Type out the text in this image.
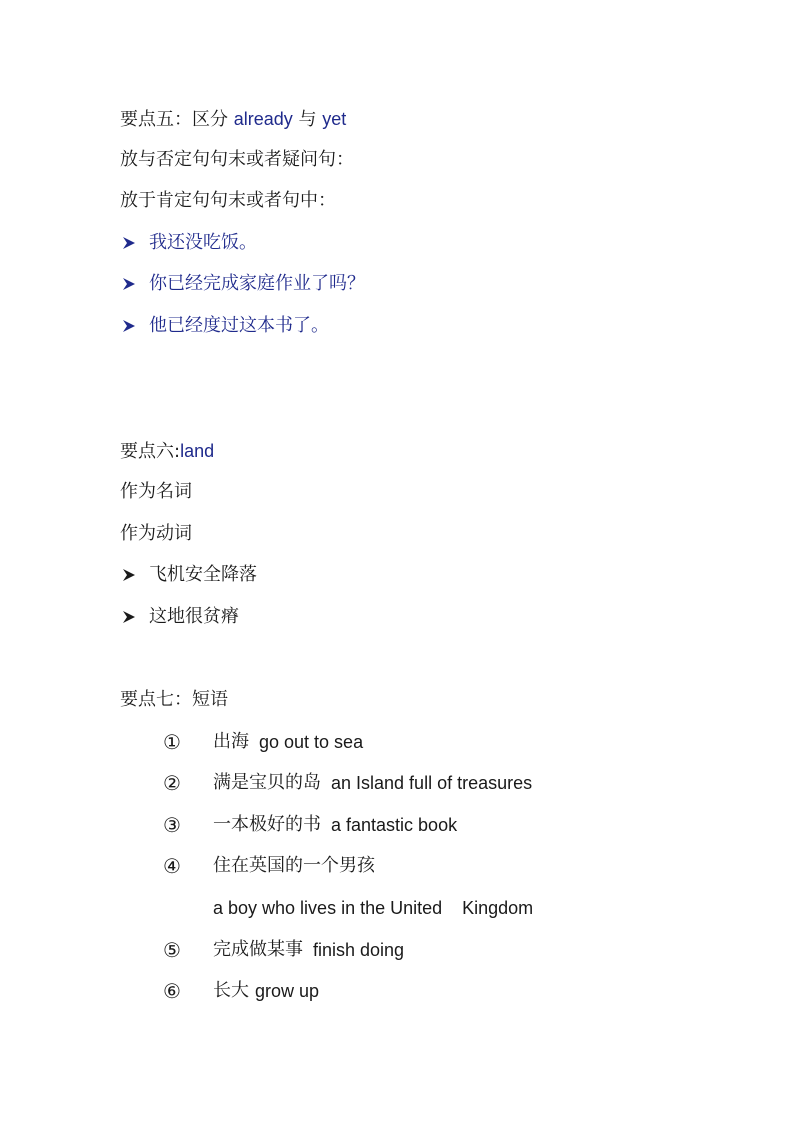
要点五：区分 already 与 yet
放与否定句句末或者疑问句：
放于肯定句句末或者句中：
我还没吃饭。
你已经完成家庭作业了吗？
他已经度过这本书了。
要点六:land
作为名词
作为动词
飞机安全降落
这地很贫瘠
要点七：短语
①	出海 go out to sea
②	满是宝贝的岛 an Island full of treasures
③	一本极好的书 a fantastic book
④	住在英国的一个男孩
a boy who lives in the United    Kingdom
⑤	完成做某事 finish doing
⑥	长大 grow up
